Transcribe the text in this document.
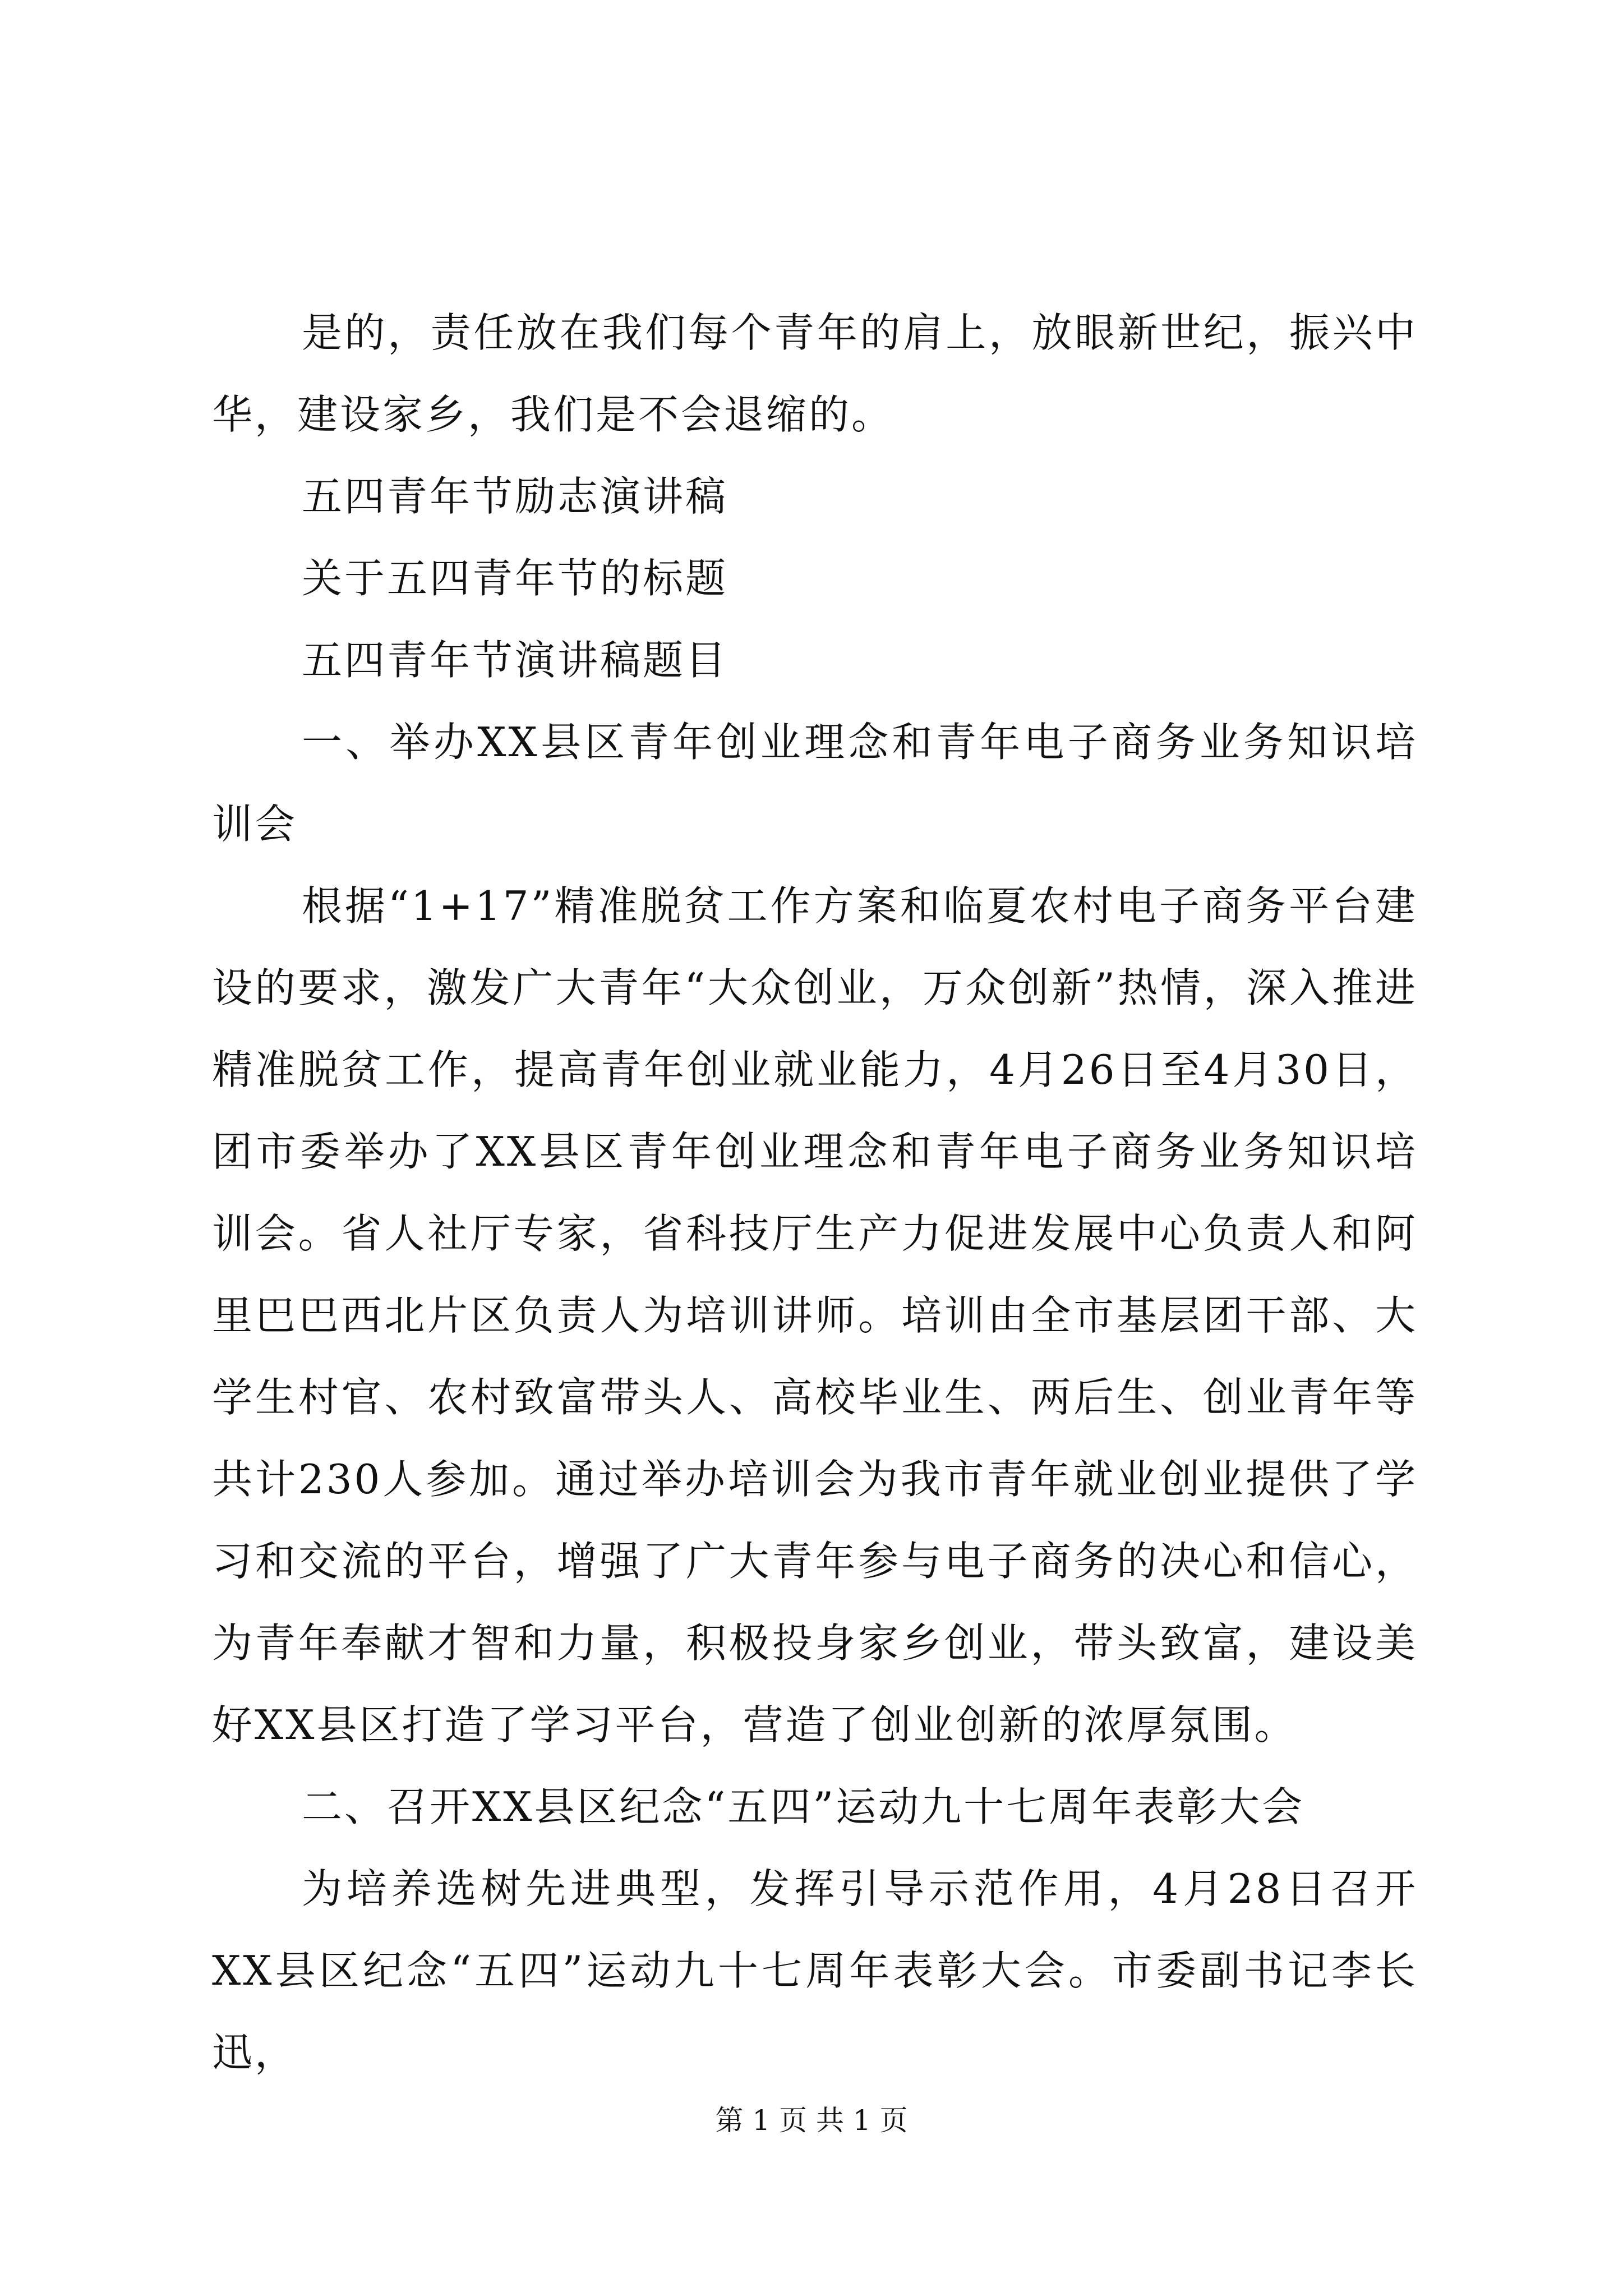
是的，责任放在我们每个青年的肩上，放眼新世纪，振兴中华，建设家乡，我们是不会退缩的。

五四青年节励志演讲稿

关于五四青年节的标题

五四青年节演讲稿题目

一、举办XX县区青年创业理念和青年电子商务业务知识培训会

根据“1+17”精准脱贫工作方案和临夏农村电子商务平台建设的要求，激发广大青年“大众创业，万众创新”热情，深入推进精准脱贫工作，提高青年创业就业能力，4月26日至4月30日，团市委举办了XX县区青年创业理念和青年电子商务业务知识培训会。省人社厅专家，省科技厅生产力促进发展中心负责人和阿里巴巴西北片区负责人为培训讲师。培训由全市基层团干部、大学生村官、农村致富带头人、高校毕业生、两后生、创业青年等共计230人参加。通过举办培训会为我市青年就业创业提供了学习和交流的平台，增强了广大青年参与电子商务的决心和信心，为青年奉献才智和力量，积极投身家乡创业，带头致富，建设美好XX县区打造了学习平台，营造了创业创新的浓厚氛围。

二、召开XX县区纪念“五四”运动九十七周年表彰大会

为培养选树先进典型，发挥引导示范作用，4月28日召开XX县区纪念“五四”运动九十七周年表彰大会。市委副书记李长迅，

第 1 页 共 1 页
